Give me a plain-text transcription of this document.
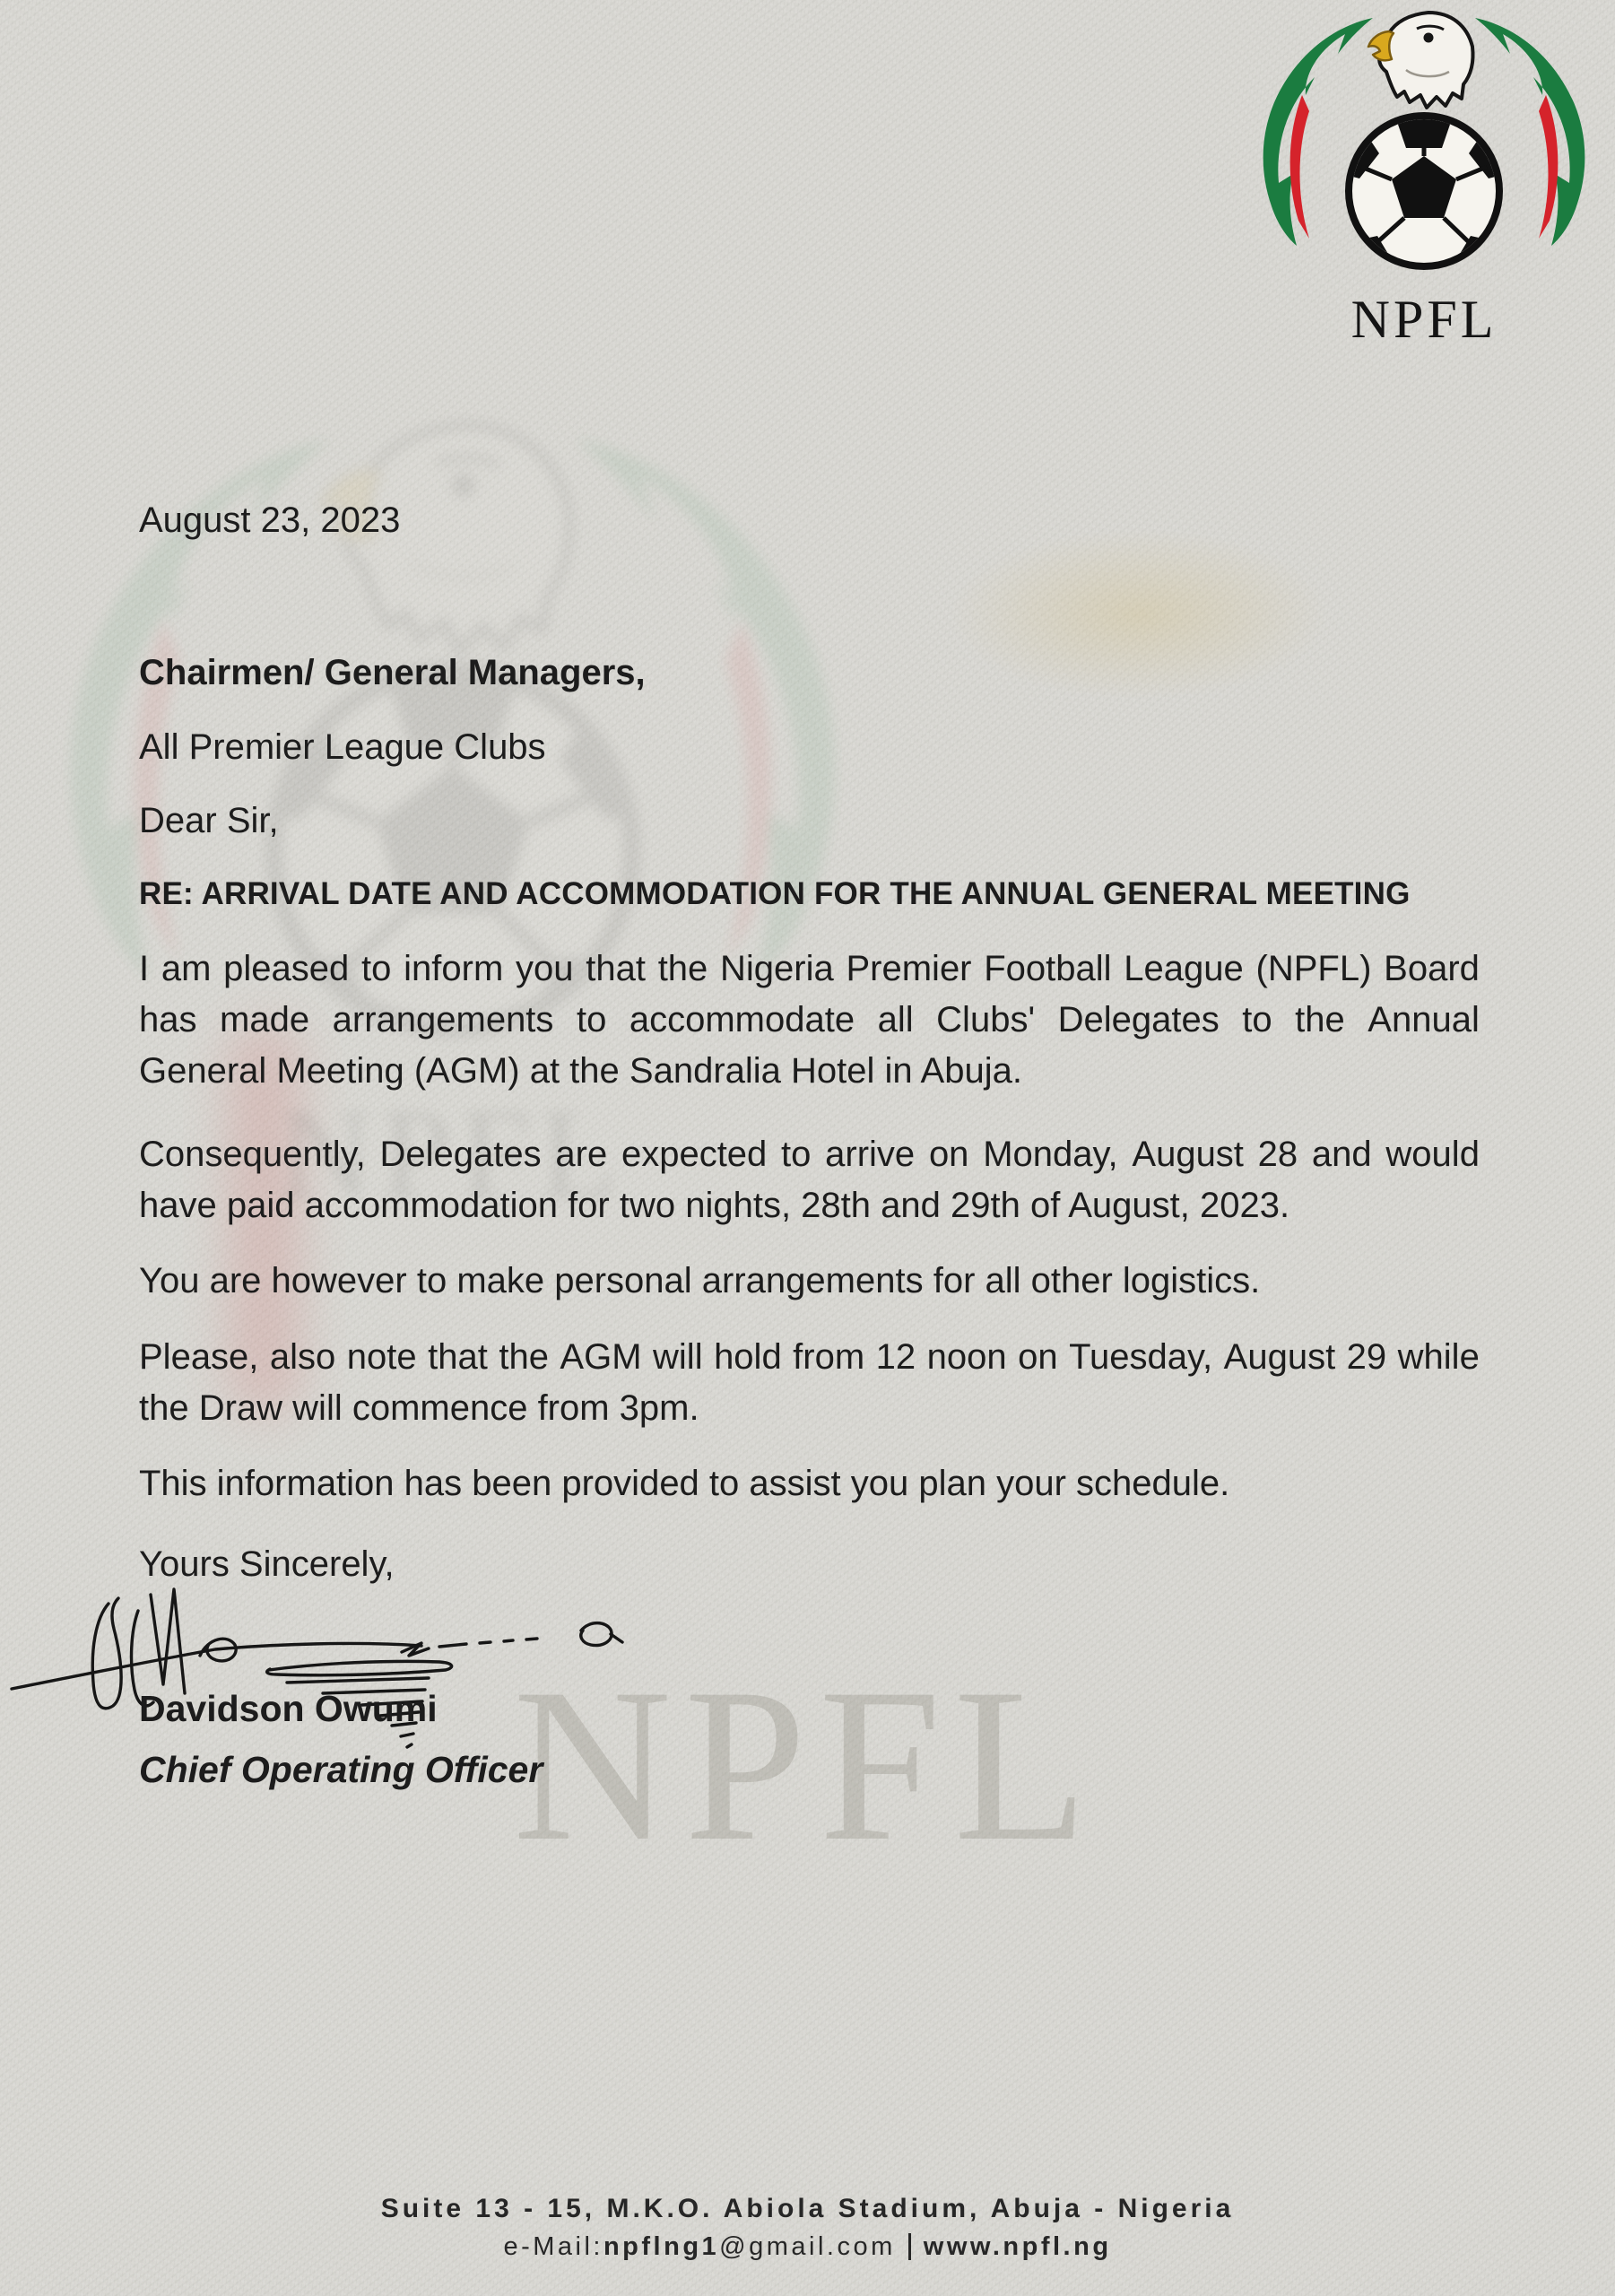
NPFL
NPFL
August 23, 2023
Chairmen/ General Managers,
All Premier League Clubs
Dear Sir,
RE: ARRIVAL DATE AND ACCOMMODATION FOR THE ANNUAL GENERAL MEETING
I am pleased to inform you that the Nigeria Premier Football League (NPFL) Board
has made arrangements to accommodate all Clubs' Delegates to the Annual
General Meeting (AGM) at the Sandralia Hotel in Abuja.
Consequently, Delegates are expected to arrive on Monday, August 28 and would
have paid accommodation for two nights, 28th and 29th of August, 2023.
You are however to make personal arrangements for all other logistics.
Please, also note that the AGM will hold from 12 noon on Tuesday, August 29 while
the Draw will commence from 3pm.
This information has been provided to assist you plan your schedule.
Yours Sincerely,
Davidson Owumi
Chief Operating Officer
Suite 13 - 15, M.K.O. Abiola Stadium, Abuja - Nigeria
e-Mail:npflng1@gmail.com www.npfl.ng
